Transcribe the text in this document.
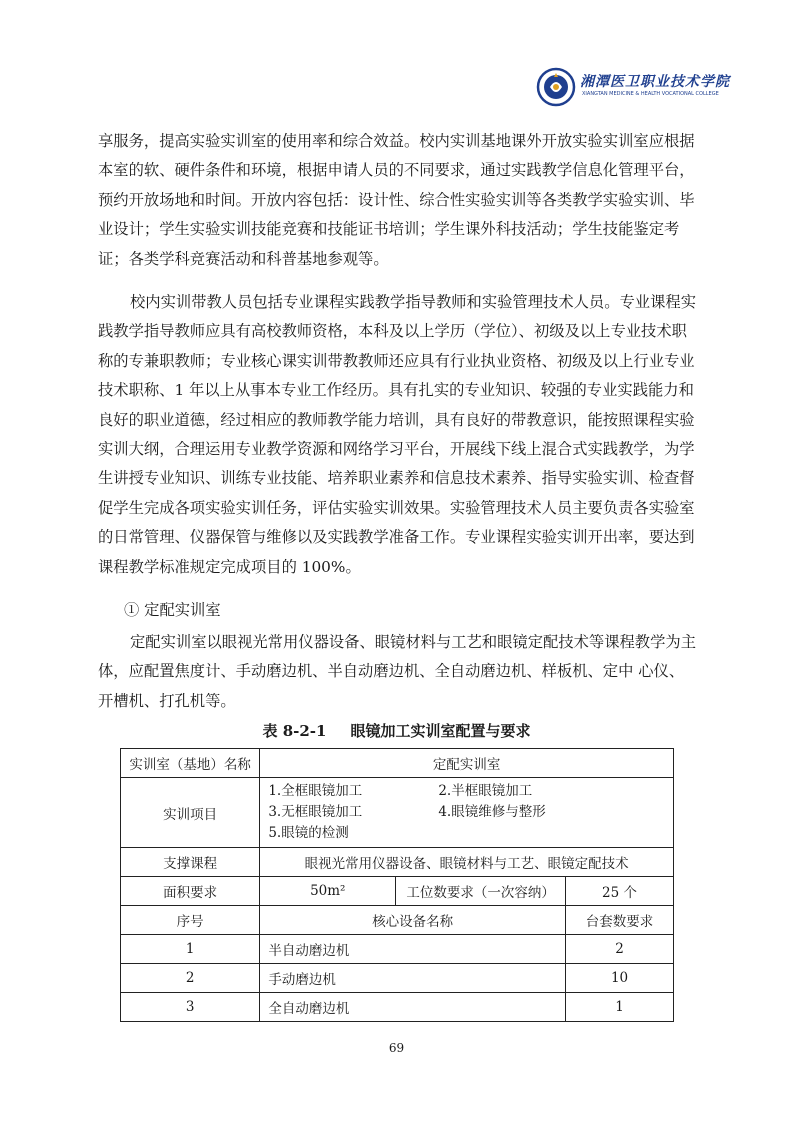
湘潭医卫职业技术学院
XIANGTAN MEDICINE & HEALTH VOCATIONAL COLLEGE

享服务，提高实验实训室的使用率和综合效益。校内实训基地课外开放实验实训室应根据本室的软、硬件条件和环境，根据申请人员的不同要求，通过实践教学信息化管理平台，预约开放场地和时间。开放内容包括：设计性、综合性实验实训等各类教学实验实训、毕业设计；学生实验实训技能竞赛和技能证书培训；学生课外科技活动；学生技能鉴定考证；各类学科竞赛活动和科普基地参观等。

校内实训带教人员包括专业课程实践教学指导教师和实验管理技术人员。专业课程实践教学指导教师应具有高校教师资格，本科及以上学历（学位）、初级及以上专业技术职称的专兼职教师；专业核心课实训带教教师还应具有行业执业资格、初级及以上行业专业技术职称、1 年以上从事本专业工作经历。具有扎实的专业知识、较强的专业实践能力和良好的职业道德，经过相应的教师教学能力培训，具有良好的带教意识，能按照课程实验实训大纲，合理运用专业教学资源和网络学习平台，开展线下线上混合式实践教学，为学生讲授专业知识、训练专业技能、培养职业素养和信息技术素养、指导实验实训、检查督促学生完成各项实验实训任务，评估实验实训效果。实验管理技术人员主要负责各实验室的日常管理、仪器保管与维修以及实践教学准备工作。专业课程实验实训开出率，要达到课程教学标准规定完成项目的 100%。

① 定配实训室

定配实训室以眼视光常用仪器设备、眼镜材料与工艺和眼镜定配技术等课程教学为主体，应配置焦度计、手动磨边机、半自动磨边机、全自动磨边机、样板机、定中 心仪、开槽机、打孔机等。

表 8-2-1 眼镜加工实训室配置与要求
实训室（基地）名称	定配实训室		
实训项目	1.全框眼镜加工 2.半框眼镜加工
3.无框眼镜加工 4.眼镜维修与整形
5.眼镜的检测		

支撑课程	眼视光常用仪器设备、眼镜材料与工艺、眼镜定配技术		
面积要求	50m²	工位数要求（一次容纳）	25 个
序号	核心设备名称		台套数要求
1	半自动磨边机		2
2	手动磨边机		10
3	全自动磨边机		1
69
